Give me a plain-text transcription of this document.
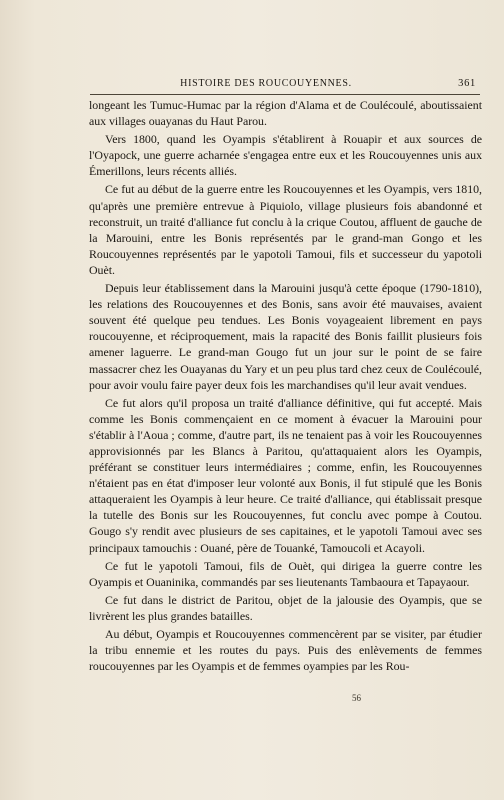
HISTOIRE DES ROUCOUYENNES.	361

longeant les Tumuc-Humac par la région d'Alama et de Couléсoulé, aboutissaient aux villages ouayanas du Haut Parou.

Vers 1800, quand les Oyampis s'établirent à Rouapir et aux sources de l'Oyapock, une guerre acharnée s'engagea entre eux et les Roucouyennes unis aux Émerillons, leurs récents alliés.

Ce fut au début de la guerre entre les Roucouyennes et les Oyampis, vers 1810, qu'après une première entrevue à Piquiolo, village plusieurs fois abandonné et reconstruit, un traité d'alliance fut conclu à la crique Coutou, affluent de gauche de la Marouini, entre les Bonis représentés par le grand-man Gongo et les Roucouyennes représentés par le yapotoli Tamoui, fils et successeur du yapotoli Ouèt.

Depuis leur établissement dans la Marouini jusqu'à cette époque (1790-1810), les relations des Roucouyennes et des Bonis, sans avoir été mauvaises, avaient souvent été quelque peu tendues. Les Bonis voyageaient librement en pays roucouyenne, et réciproquement, mais la rapacité des Bonis faillit plusieurs fois amener laguerre. Le grand-man Gougo fut un jour sur le point de se faire massacrer chez les Ouayanas du Yary et un peu plus tard chez ceux de Couléсoulé, pour avoir voulu faire payer deux fois les marchandises qu'il leur avait vendues.

Ce fut alors qu'il proposa un traité d'alliance définitive, qui fut accepté. Mais comme les Bonis commençaient en ce moment à évacuer la Marouini pour s'établir à l'Aoua ; comme, d'autre part, ils ne tenaient pas à voir les Roucouyennes approvisionnés par les Blancs à Paritou, qu'attaquaient alors les Oyampis, préférant se constituer leurs intermédiaires ; comme, enfin, les Roucouyennes n'étaient pas en état d'imposer leur volonté aux Bonis, il fut stipulé que les Bonis attaqueraient les Oyampis à leur heure. Ce traité d'alliance, qui établissait presque la tutelle des Bonis sur les Roucouyennes, fut conclu avec pompe à Coutou. Gougo s'y rendit avec plusieurs de ses capitaines, et le yapotoli Tamoui avec ses principaux tamouchis : Ouané, père de Touanké, Tamoucoli et Acayoli.

Ce fut le yapotoli Tamoui, fils de Ouèt, qui dirigea la guerre contre les Oyampis et Ouaninika, commandés par ses lieutenants Tambaoura et Tapayaour.

Ce fut dans le district de Paritou, objet de la jalousie des Oyampis, que se livrèrent les plus grandes batailles.

Au début, Oyampis et Roucouyennes commencèrent par se visiter, par étudier la tribu ennemie et les routes du pays. Puis des enlèvements de femmes roucouyennes par les Oyampis et de femmes oyampies par les Rou-

56
